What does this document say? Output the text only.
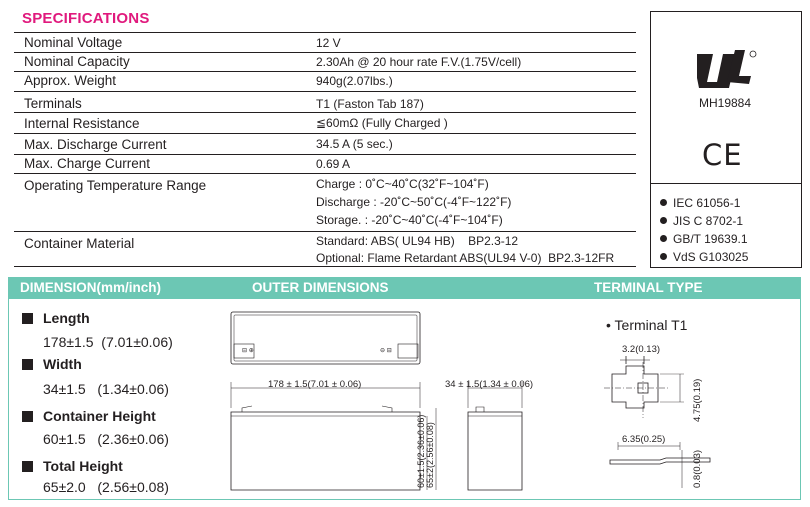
SPECIFICATIONS
Nominal Voltage	12 V
Nominal Capacity	2.30Ah @ 20 hour rate F.V.(1.75V/cell)
Approx. Weight	940g(2.07lbs.)
Terminals	T1 (Faston Tab 187)
Internal Resistance	≦60mΩ (Fully Charged )
Max. Discharge Current	34.5 A (5 sec.)
Max. Charge Current	0.69 A
Operating Temperature Range	Charge : 0˚C~40˚C(32˚F~104˚F)
Discharge : -20˚C~50˚C(-4˚F~122˚F)
Storage. : -20˚C~40˚C(-4˚F~104˚F)
Container Material	Standard: ABS( UL94 HB)    BP2.3-12
Optional: Flame Retardant ABS(UL94 V-0)  BP2.3-12FR
MH19884
CE
IEC 61056-1
JIS C 8702-1
GB/T 19639.1
VdS G103025
DIMENSION(mm/inch)	OUTER DIMENSIONS	TERMINAL TYPE
Length
178±1.5  (7.01±0.06)
Width
34±1.5   (1.34±0.06)
Container Height
60±1.5   (2.36±0.06)
Total Height
65±2.0   (2.56±0.08)
⊟ ⊕	⊖ ⊟
178 ± 1.5(7.01 ± 0.06)	34 ± 1.5(1.34 ± 0.06)
60±1.5(2.36±0.06) 65±2(2.56±0.08)
• Terminal T1
3.2(0.13)
4.75(0.19)
6.35(0.25)
0.8(0.03)
